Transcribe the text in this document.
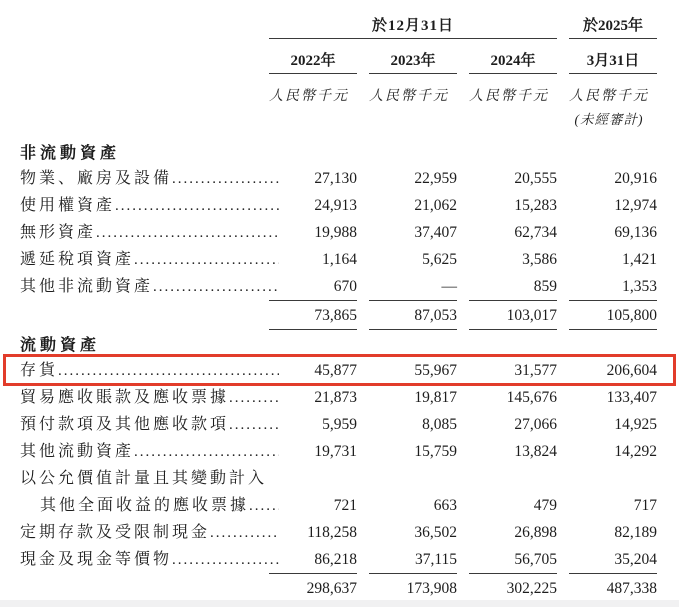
於12月31日	於2025年
2022年	2023年	2024年	3月31日
人民幣千元	人民幣千元	人民幣千元	人民幣千元
(未經審計)
非流動資產
物業、廠房及設備 .....	27,130	22,959	20,555	20,916
使用權資產 .....	24,913	21,062	15,283	12,974
無形資產 .....	19,988	37,407	62,734	69,136
遞延稅項資產 .....	1,164	5,625	3,586	1,421
其他非流動資產 .....	670	—	859	1,353
73,865	87,053	103,017	105,800
流動資產
存貨 .....	45,877	55,967	31,577	206,604
貿易應收賬款及應收票據 .....	21,873	19,817	145,676	133,407
預付款項及其他應收款項 .....	5,959	8,085	27,066	14,925
其他流動資產 .....	19,731	15,759	13,824	14,292
以公允價值計量且其變動計入
其他全面收益的應收票據 .....	721	663	479	717
定期存款及受限制現金 .....	118,258	36,502	26,898	82,189
現金及現金等價物 .....	86,218	37,115	56,705	35,204
298,637	173,908	302,225	487,338
